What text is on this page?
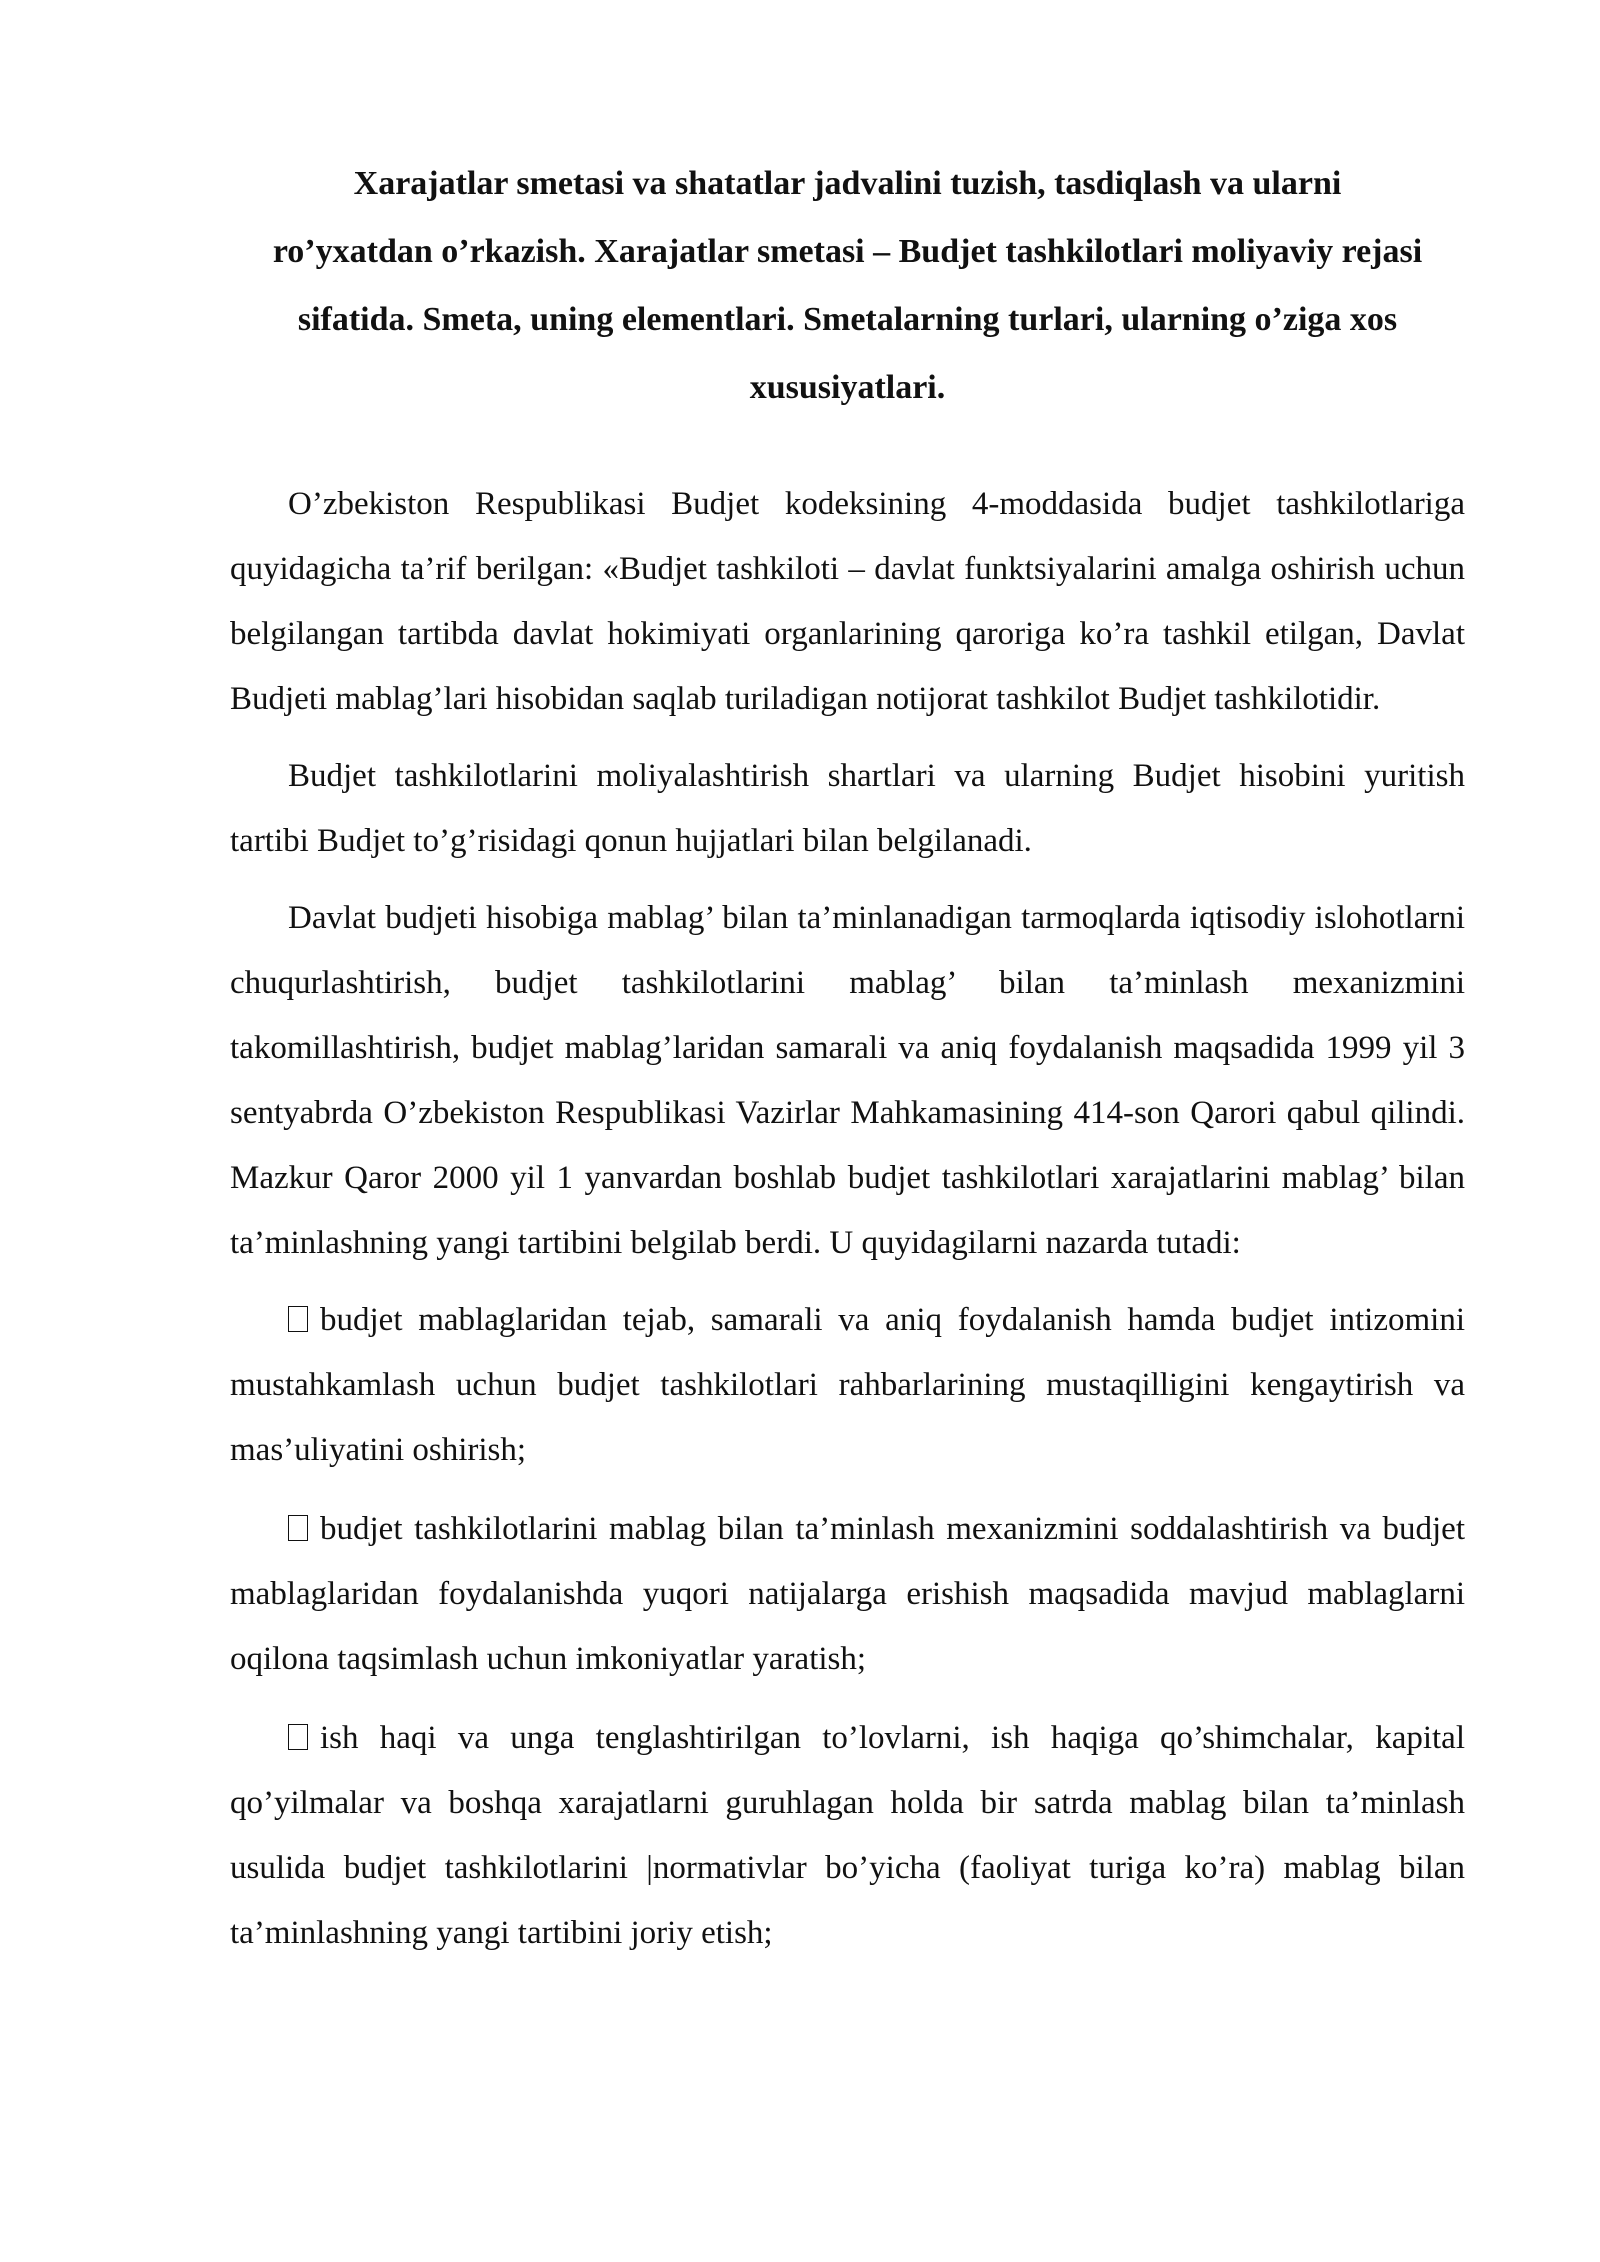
Xarajatlar smetasi va shatatlar jadvalini tuzish, tasdiqlash va ularni ro’yxatdan o’rkazish. Xarajatlar smetasi – Budjet tashkilotlari moliyaviy rejasi sifatida. Smeta, uning elementlari. Smetalarning turlari, ularning o’ziga xos xususiyatlari.

O’zbekiston Respublikasi Budjet kodeksining 4-moddasida budjet tashkilotlariga quyidagicha ta’rif berilgan: «Budjet tashkiloti – davlat funktsiyalarini amalga oshirish uchun belgilangan tartibda davlat hokimiyati organlarining qaroriga ko’ra tashkil etilgan, Davlat Budjeti mablag’lari hisobidan saqlab turiladigan notijorat tashkilot Budjet tashkilotidir.

Budjet tashkilotlarini moliyalashtirish shartlari va ularning Budjet hisobini yuritish tartibi Budjet to’g’risidagi qonun hujjatlari bilan belgilanadi.

Davlat budjeti hisobiga mablag’ bilan ta’minlanadigan tarmoqlarda iqtisodiy islohotlarni chuqurlashtirish, budjet tashkilotlarini mablag’ bilan ta’minlash mexanizmini takomillashtirish, budjet mablag’laridan samarali va aniq foydalanish maqsadida 1999 yil 3 sentyabrda O’zbekiston Respublikasi Vazirlar Mahkamasining 414-son Qarori qabul qilindi. Mazkur Qaror 2000 yil 1 yanvardan boshlab budjet tashkilotlari xarajatlarini mablag’ bilan ta’minlashning yangi tartibini belgilab berdi. U quyidagilarni nazarda tutadi:

budjet mablaglaridan tejab, samarali va aniq foydalanish hamda budjet intizomini mustahkamlash uchun budjet tashkilotlari rahbarlarining mustaqilligini kengaytirish va mas’uliyatini oshirish;

budjet tashkilotlarini mablag bilan ta’minlash mexanizmini soddalashtirish va budjet mablaglaridan foydalanishda yuqori natijalarga erishish maqsadida mavjud mablaglarni oqilona taqsimlash uchun imkoniyatlar yaratish;

ish haqi va unga tenglashtirilgan to’lovlarni, ish haqiga qo’shimchalar, kapital qo’yilmalar va boshqa xarajatlarni guruhlagan holda bir satrda mablag bilan ta’minlash usulida budjet tashkilotlarini |normativlar bo’yicha (faoliyat turiga ko’ra) mablag bilan ta’minlashning yangi tartibini joriy etish;
